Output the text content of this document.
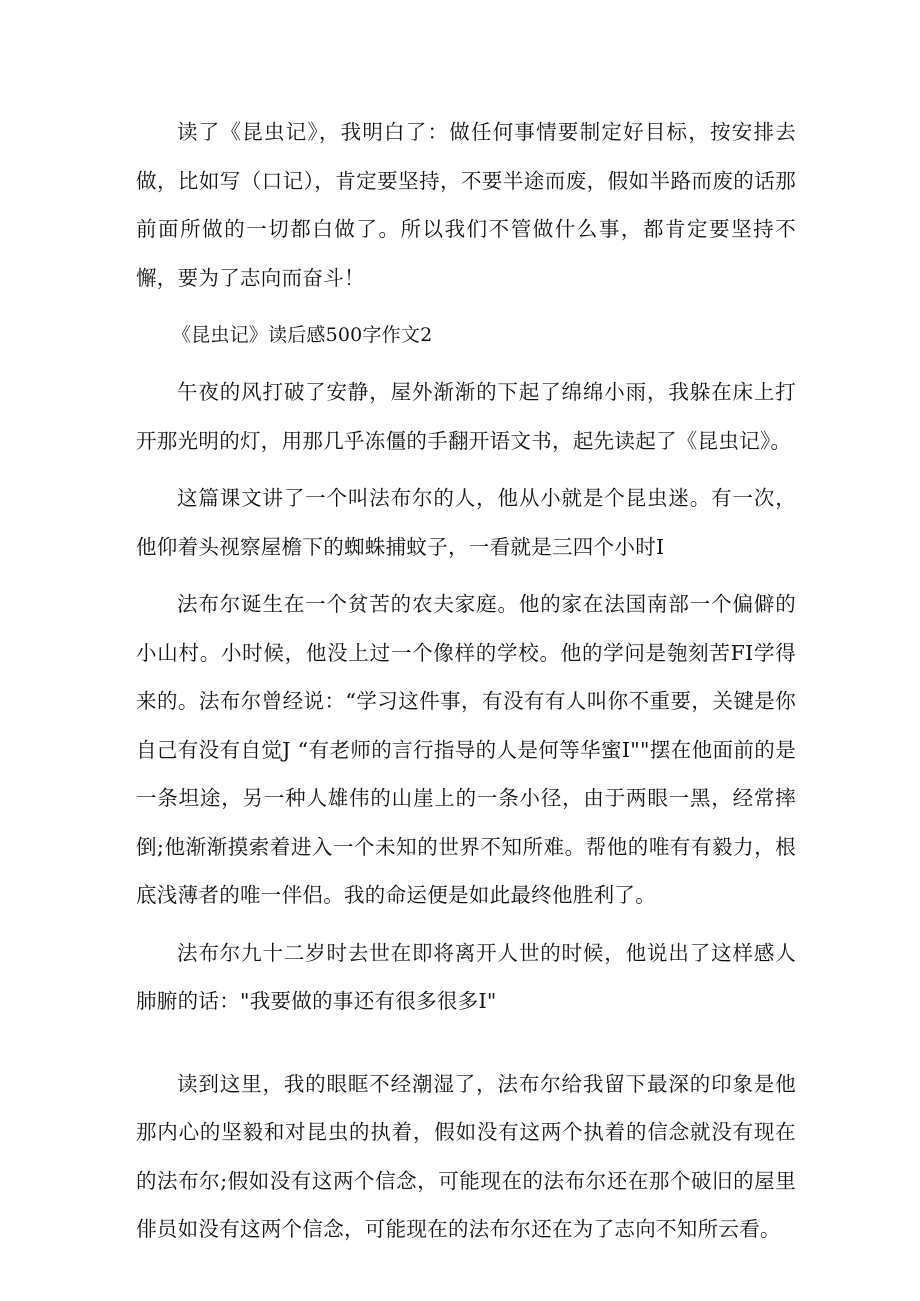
读了《昆虫记》，我明白了：做任何事情要制定好目标，按安排去做，比如写（口记），肯定要坚持，不要半途而废，假如半路而废的话那前面所做的一切都白做了。所以我们不管做什么事，都肯定要坚持不懈，要为了志向而奋斗！

《昆虫记》读后感500字作文2

午夜的风打破了安静，屋外渐渐的下起了绵绵小雨，我躲在床上打开那光明的灯，用那几乎冻僵的手翻开语文书，起先读起了《昆虫记》。

这篇课文讲了一个叫法布尔的人，他从小就是个昆虫迷。有一次，他仰着头视察屋檐下的蜘蛛捕蚊子，一看就是三四个小时I

法布尔诞生在一个贫苦的农夫家庭。他的家在法国南部一个偏僻的小山村。小时候，他没上过一个像样的学校。他的学问是匏刻苦FI学得来的。法布尔曾经说：“学习这件事，有没有有人叫你不重要，关键是你自己有没有自觉J “有老师的言行指导的人是何等华蜜I""摆在他面前的是一条坦途，另一种人雄伟的山崖上的一条小径，由于两眼一黑，经常摔倒;他渐渐摸索着进入一个未知的世界不知所难。帮他的唯有有毅力，根底浅薄者的唯一伴侣。我的命运便是如此最终他胜利了。

法布尔九十二岁时去世在即将离开人世的时候，他说出了这样感人肺腑的话："我要做的事还有很多很多I"

读到这里，我的眼眶不经潮湿了，法布尔给我留下最深的印象是他那内心的坚毅和对昆虫的执着，假如没有这两个执着的信念就没有现在的法布尔;假如没有这两个信念，可能现在的法布尔还在那个破旧的屋里俳员如没有这两个信念，可能现在的法布尔还在为了志向不知所云看。
